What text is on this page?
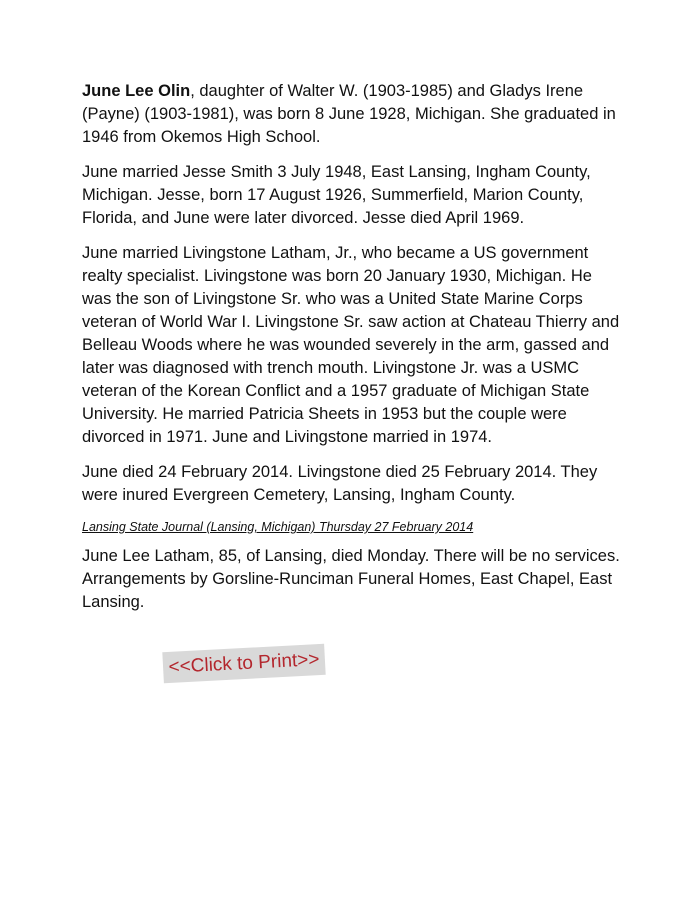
June Lee Olin, daughter of Walter W. (1903-1985) and Gladys Irene (Payne) (1903-1981), was born 8 June 1928, Michigan. She graduated in 1946 from Okemos High School.

June married Jesse Smith 3 July 1948, East Lansing, Ingham County, Michigan. Jesse, born 17 August 1926, Summerfield, Marion County, Florida, and June were later divorced. Jesse died April 1969.

June married Livingstone Latham, Jr., who became a US government realty specialist. Livingstone was born 20 January 1930, Michigan. He was the son of Livingstone Sr. who was a United State Marine Corps veteran of World War I. Livingstone Sr. saw action at Chateau Thierry and Belleau Woods where he was wounded severely in the arm, gassed and later was diagnosed with trench mouth. Livingstone Jr. was a USMC veteran of the Korean Conflict and a 1957 graduate of Michigan State University. He married Patricia Sheets in 1953 but the couple were divorced in 1971. June and Livingstone married in 1974.

June died 24 February 2014. Livingstone died 25 February 2014. They were inured Evergreen Cemetery, Lansing, Ingham County.

Lansing State Journal (Lansing, Michigan) Thursday 27 February 2014

June Lee Latham, 85, of Lansing, died Monday. There will be no services. Arrangements by Gorsline-Runciman Funeral Homes, East Chapel, East Lansing.

<<Click to Print>>
